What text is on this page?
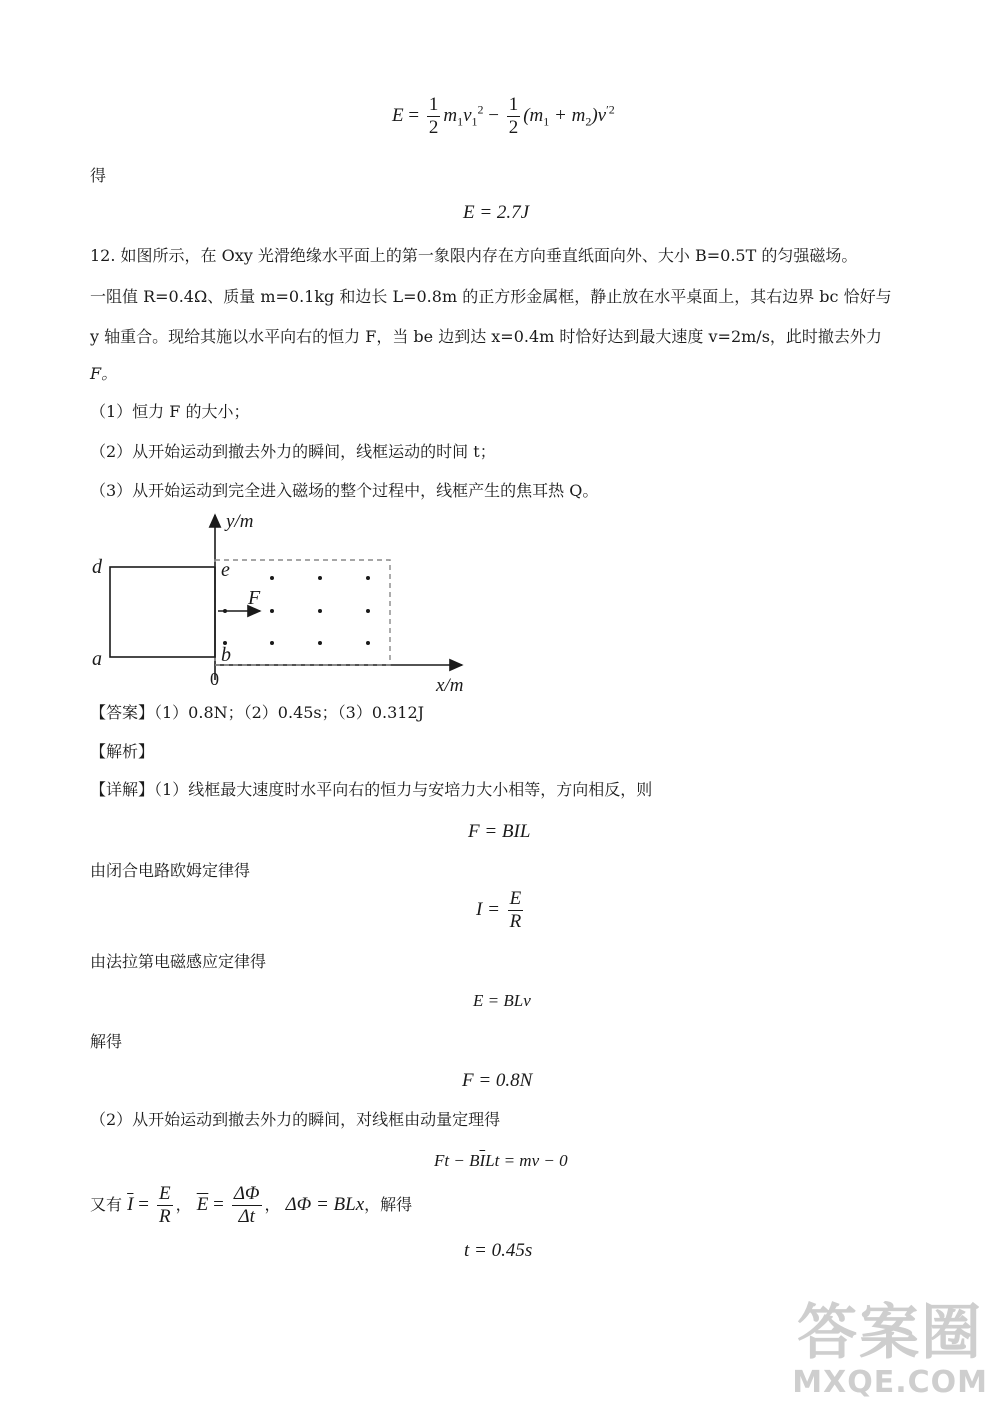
$E = \frac{1}{2} m_1v_1^2 - \frac{1}{2} (m_1 + m_2)v^{'2}$
得
E = 2.7J
12. 如图所示，在 Oxy 光滑绝缘水平面上的第一象限内存在方向垂直纸面向外、大小 B=0.5T 的匀强磁场。
一阻值 R=0.4Ω、质量 m=0.1kg 和边长 L=0.8m 的正方形金属框，静止放在水平桌面上，其右边界 bc 恰好与
y 轴重合。现给其施以水平向右的恒力 F，当 be 边到达 x=0.4m 时恰好达到最大速度 v=2m/s，此时撤去外力
F。
（1）恒力 F 的大小；
（2）从开始运动到撤去外力的瞬间，线框运动的时间 t；
（3）从开始运动到完全进入磁场的整个过程中，线框产生的焦耳热 Q。
y/m
x/m
0
d
a
e
b
F
【答案】（1）0.8N；（2）0.45s；（3）0.312J
【解析】
【详解】（1）线框最大速度时水平向右的恒力与安培力大小相等，方向相反，则
F = BIL
由闭合电路欧姆定律得
$I = \frac{E}{R}$
由法拉第电磁感应定律得
E = BLv
解得
F = 0.8N
（2）从开始运动到撤去外力的瞬间，对线框由动量定理得
$Ft - B\overline{I}Lt$ = mv − 0
又有 $\overline{I} = \frac{E}{R}$ ， $\overline{E} = \frac{\Delta\Phi}{\Delta t}$ ， ΔΦ = BLx，解得
t = 0.45s
答案圈
MXQE.COM
